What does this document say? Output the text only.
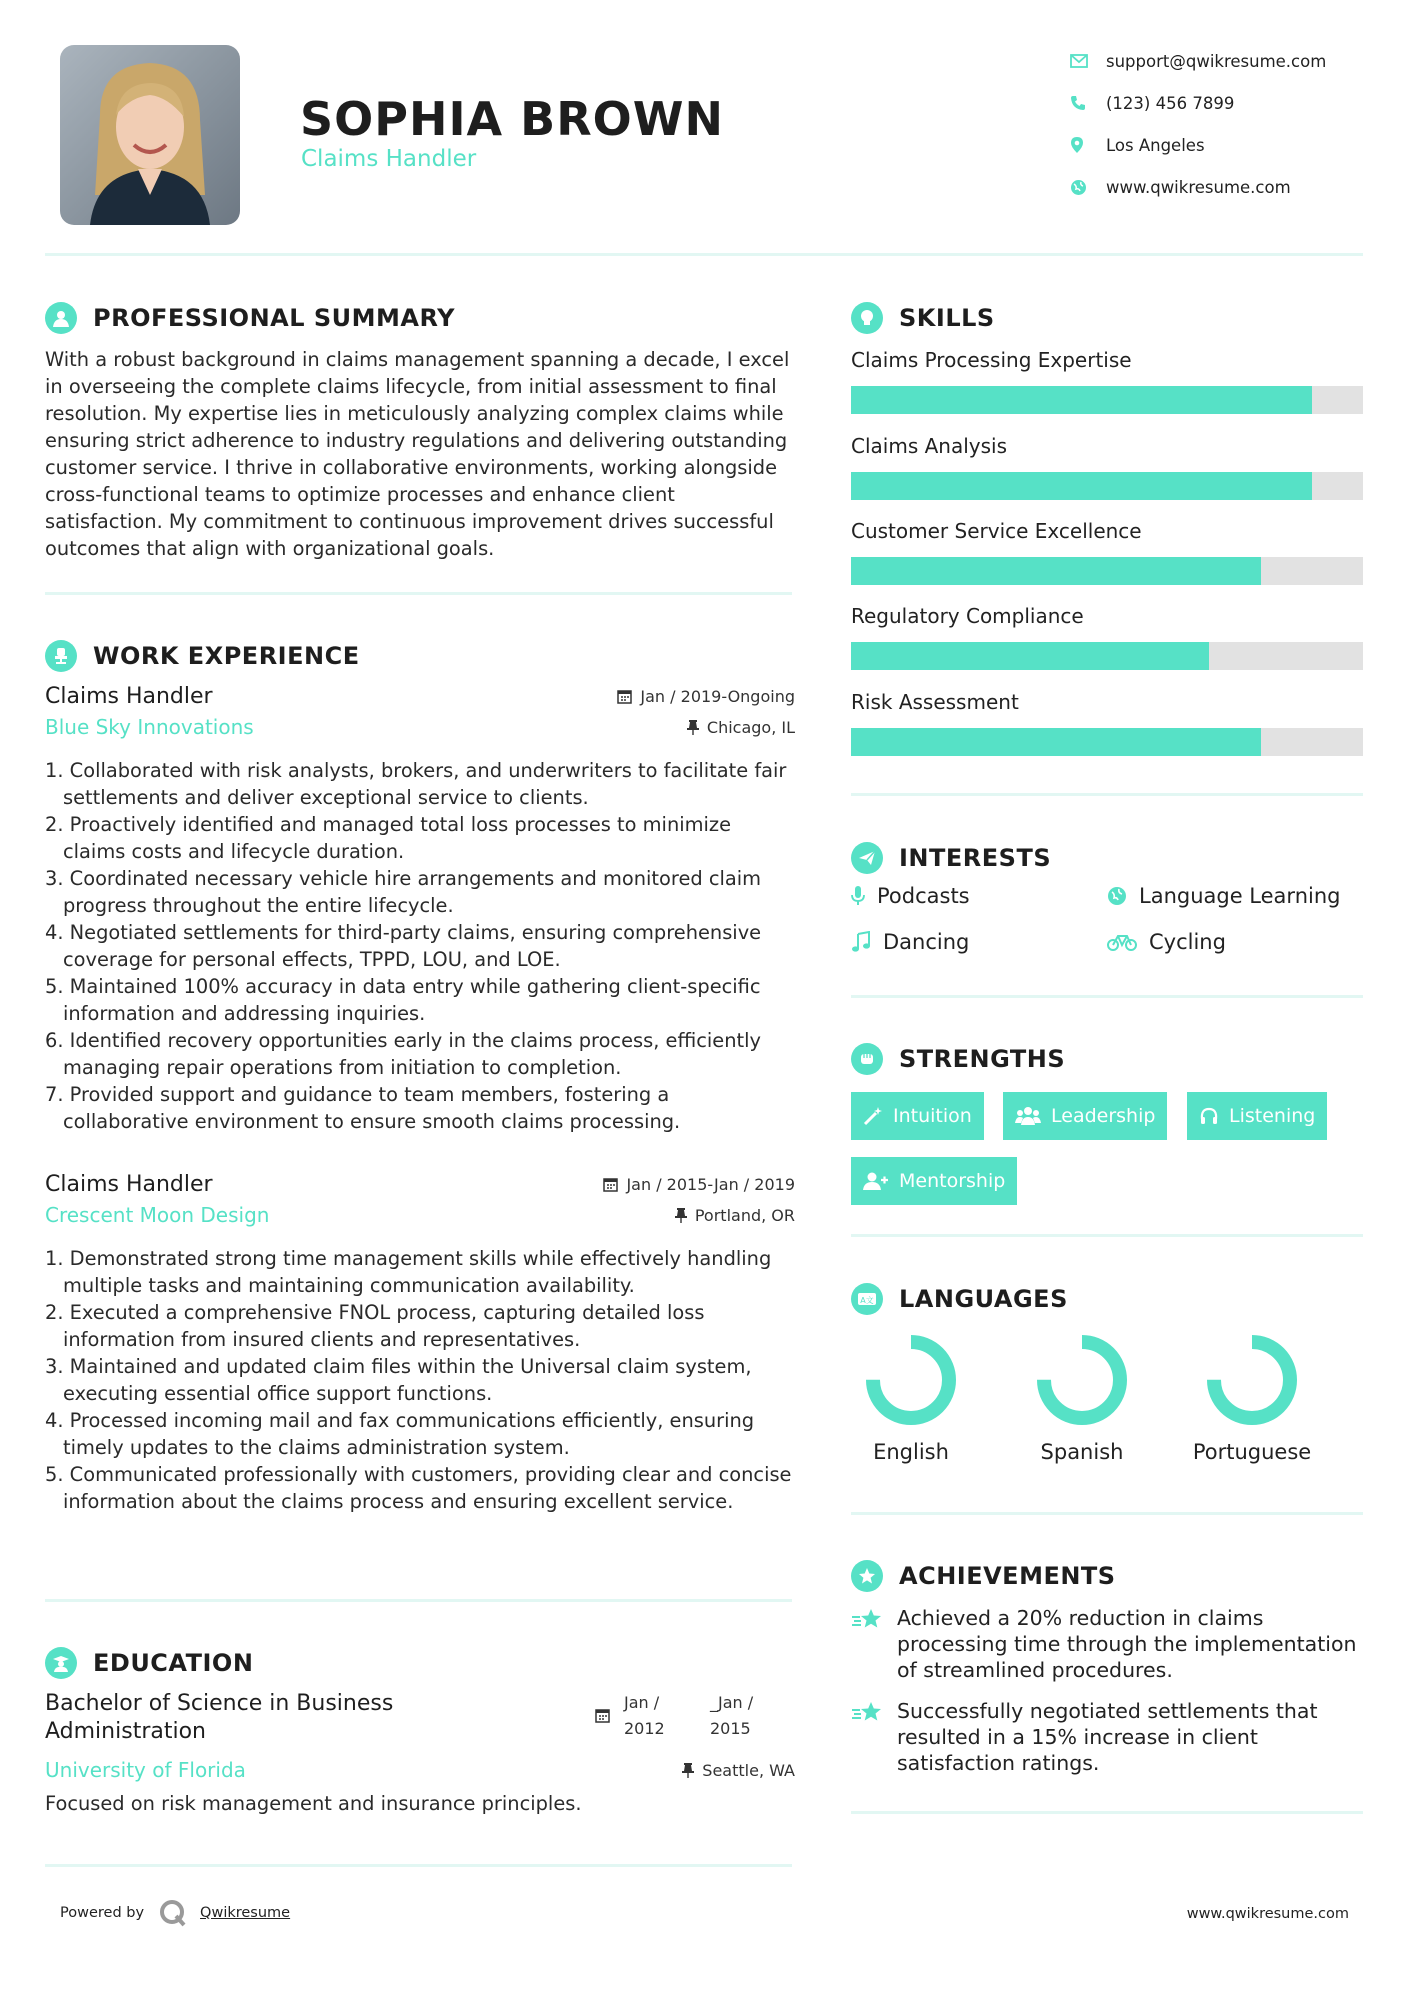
SOPHIA BROWN
Claims Handler
support@qwikresume.com
(123) 456 7899
Los Angeles
www.qwikresume.com
PROFESSIONAL SUMMARY
With a robust background in claims management spanning a decade, I excel in overseeing the complete claims lifecycle, from initial assessment to final resolution. My expertise lies in meticulously analyzing complex claims while ensuring strict adherence to industry regulations and delivering outstanding customer service. I thrive in collaborative environments, working alongside cross-functional teams to optimize processes and enhance client satisfaction. My commitment to continuous improvement drives successful outcomes that align with organizational goals.
WORK EXPERIENCE
Claims Handler	Jan / 2019-Ongoing
Blue Sky Innovations	Chicago, IL
1. Collaborated with risk analysts, brokers, and underwriters to facilitate fair settlements and deliver exceptional service to clients.
2. Proactively identified and managed total loss processes to minimize claims costs and lifecycle duration.
3. Coordinated necessary vehicle hire arrangements and monitored claim progress throughout the entire lifecycle.
4. Negotiated settlements for third-party claims, ensuring comprehensive coverage for personal effects, TPPD, LOU, and LOE.
5. Maintained 100% accuracy in data entry while gathering client-specific information and addressing inquiries.
6. Identified recovery opportunities early in the claims process, efficiently managing repair operations from initiation to completion.
7. Provided support and guidance to team members, fostering a collaborative environment to ensure smooth claims processing.
Claims Handler	Jan / 2015-Jan / 2019
Crescent Moon Design	Portland, OR
1. Demonstrated strong time management skills while effectively handling multiple tasks and maintaining communication availability.
2. Executed a comprehensive FNOL process, capturing detailed loss information from insured clients and representatives.
3. Maintained and updated claim files within the Universal claim system, executing essential office support functions.
4. Processed incoming mail and fax communications efficiently, ensuring timely updates to the claims administration system.
5. Communicated professionally with customers, providing clear and concise information about the claims process and ensuring excellent service.
EDUCATION
Bachelor of Science in Business Administration
Jan /
2012
_Jan /
2015
University of Florida	Seattle, WA
Focused on risk management and insurance principles.
SKILLS
Claims Processing Expertise
Claims Analysis
Customer Service Excellence
Regulatory Compliance
Risk Assessment
INTERESTS
Podcasts	Language Learning
Dancing	Cycling
STRENGTHS
Intuition	Leadership	Listening
Mentorship
A文 LANGUAGES
English	Spanish	Portuguese
ACHIEVEMENTS
Achieved a 20% reduction in claims processing time through the implementation of streamlined procedures.
Successfully negotiated settlements that resulted in a 15% increase in client satisfaction ratings.
Powered by	Qwikresume	www.qwikresume.com
